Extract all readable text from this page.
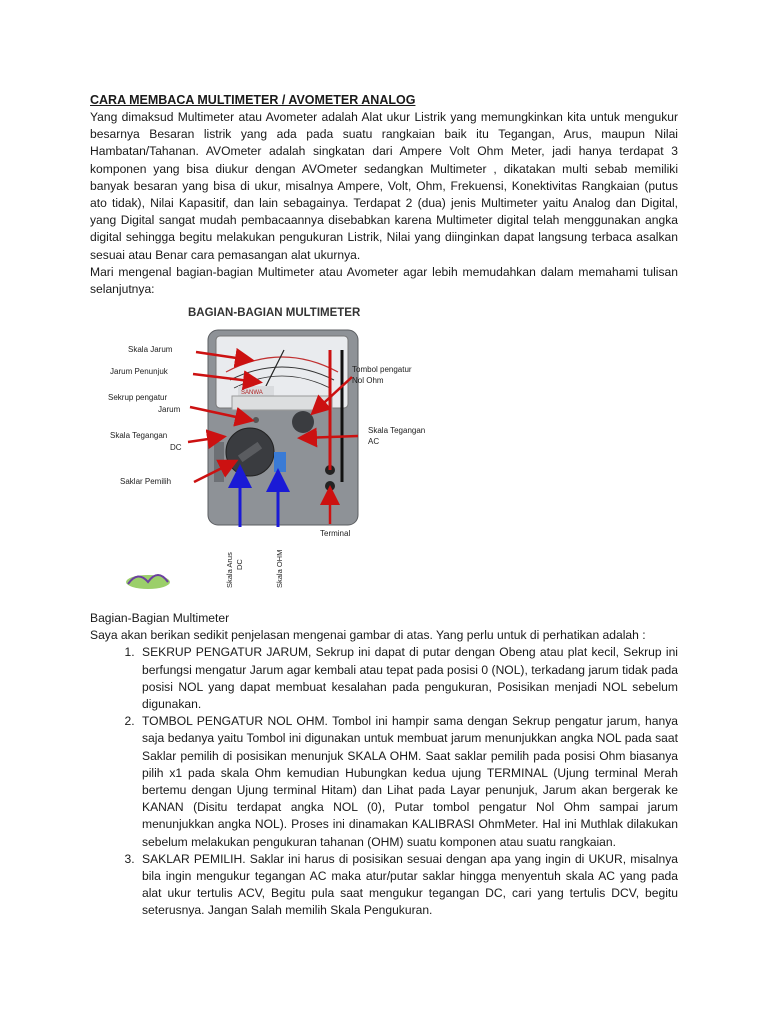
CARA MEMBACA MULTIMETER / AVOMETER ANALOG

Yang dimaksud Multimeter atau Avometer adalah Alat ukur Listrik yang memungkinkan kita untuk mengukur besarnya Besaran listrik yang ada pada suatu rangkaian baik itu Tegangan, Arus, maupun Nilai Hambatan/Tahanan. AVOmeter adalah singkatan dari Ampere Volt Ohm Meter, jadi hanya terdapat 3 komponen yang bisa diukur dengan AVOmeter sedangkan Multimeter , dikatakan multi sebab memiliki banyak besaran yang bisa di ukur, misalnya Ampere, Volt, Ohm, Frekuensi, Konektivitas Rangkaian (putus ato tidak), Nilai Kapasitif, dan lain sebagainya. Terdapat 2 (dua) jenis Multimeter yaitu Analog dan Digital, yang Digital sangat mudah pembacaannya disebabkan karena Multimeter digital telah menggunakan angka digital sehingga begitu melakukan pengukuran Listrik, Nilai yang diinginkan dapat langsung terbaca asalkan sesuai atau Benar cara pemasangan alat ukurnya.

Mari mengenal bagian-bagian Multimeter atau Avometer agar lebih memudahkan dalam memahami tulisan selanjutnya:

BAGIAN-BAGIAN MULTIMETER
SANWA
Skala Jarum
Jarum Penunjuk
Sekrup pengatur
Jarum
Skala Tegangan
DC
Saklar Pemilih
Tombol pengatur
Nol Ohm
Skala Tegangan
AC
Terminal
Skala Arus DC	Skala OHM
Bagian-Bagian Multimeter

Saya akan berikan sedikit penjelasan mengenai gambar di atas. Yang perlu untuk di perhatikan adalah :

1. SEKRUP PENGATUR JARUM, Sekrup ini dapat di putar dengan Obeng atau plat kecil, Sekrup ini berfungsi mengatur Jarum agar kembali atau tepat pada posisi 0 (NOL), terkadang jarum tidak pada posisi NOL yang dapat membuat kesalahan pada pengukuran, Posisikan menjadi NOL sebelum digunakan.
2. TOMBOL PENGATUR NOL OHM. Tombol ini hampir sama dengan Sekrup pengatur jarum, hanya saja bedanya yaitu Tombol ini digunakan untuk membuat jarum menunjukkan angka NOL pada saat Saklar pemilih di posisikan menunjuk SKALA OHM. Saat saklar pemilih pada posisi Ohm biasanya pilih x1 pada skala Ohm kemudian Hubungkan kedua ujung TERMINAL (Ujung terminal Merah bertemu dengan Ujung terminal Hitam) dan Lihat pada Layar penunjuk, Jarum akan bergerak ke KANAN (Disitu terdapat angka NOL (0), Putar tombol pengatur Nol Ohm sampai jarum menunjukkan angka NOL). Proses ini dinamakan KALIBRASI OhmMeter. Hal ini Muthlak dilakukan sebelum melakukan pengukuran tahanan (OHM) suatu komponen atau suatu rangkaian.
3. SAKLAR PEMILIH. Saklar ini harus di posisikan sesuai dengan apa yang ingin di UKUR, misalnya bila ingin mengukur tegangan AC maka atur/putar saklar hingga menyentuh skala AC yang pada alat ukur tertulis ACV, Begitu pula saat mengukur tegangan DC, cari yang tertulis DCV, begitu seterusnya. Jangan Salah memilih Skala Pengukuran.
